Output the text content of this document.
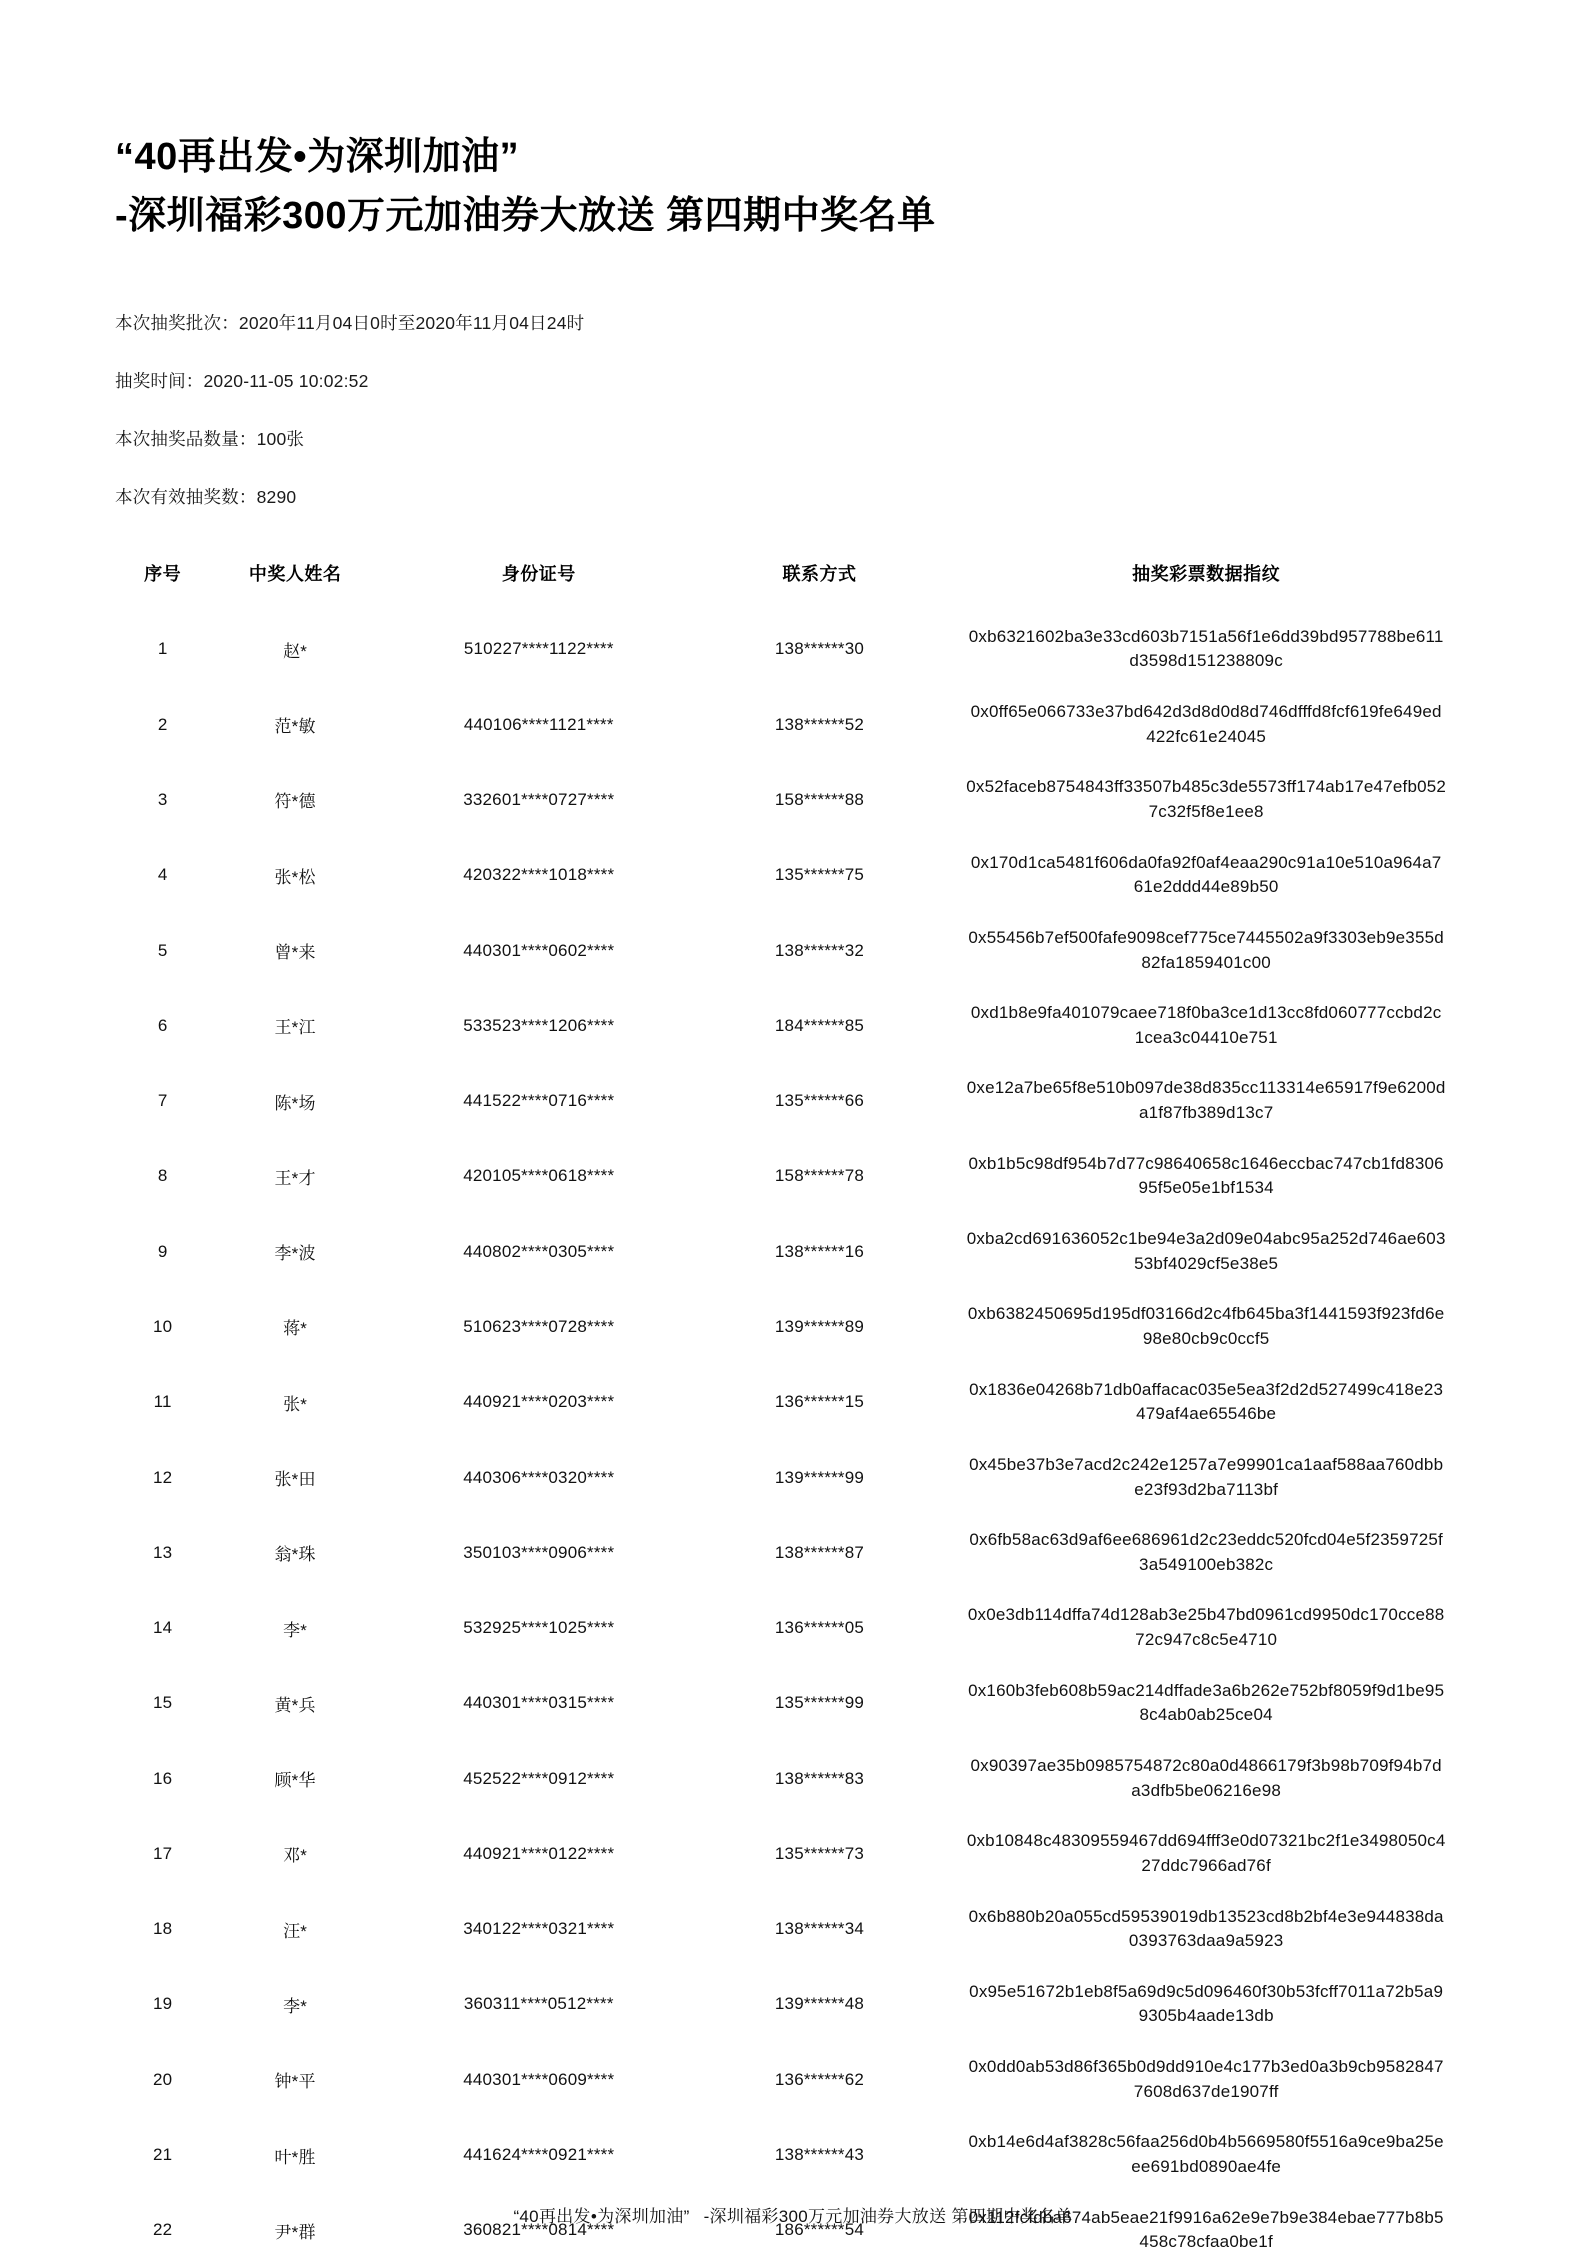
“40再出发•为深圳加油”
-深圳福彩300万元加油券大放送 第四期中奖名单
本次抽奖批次：2020年11月04日0时至2020年11月04日24时
抽奖时间：2020-11-05 10:02:52
本次抽奖品数量：100张
本次有效抽奖数：8290
序号	中奖人姓名	身份证号	联系方式	抽奖彩票数据指纹
1	赵*	510227****1122****	138******30	0xb6321602ba3e33cd603b7151a56f1e6dd39bd957788be611d3598d151238809c

2	范*敏	440106****1121****	138******52	0x0ff65e066733e37bd642d3d8d0d8d746dfffd8fcf619fe649ed422fc61e24045

3	符*德	332601****0727****	158******88	0x52faceb8754843ff33507b485c3de5573ff174ab17e47efb0527c32f5f8e1ee8

4	张*松	420322****1018****	135******75	0x170d1ca5481f606da0fa92f0af4eaa290c91a10e510a964a761e2ddd44e89b50

5	曾*来	440301****0602****	138******32	0x55456b7ef500fafe9098cef775ce7445502a9f3303eb9e355d82fa1859401c00

6	王*江	533523****1206****	184******85	0xd1b8e9fa401079caee718f0ba3ce1d13cc8fd060777ccbd2c1cea3c04410e751

7	陈*场	441522****0716****	135******66	0xe12a7be65f8e510b097de38d835cc113314e65917f9e6200da1f87fb389d13c7

8	王*才	420105****0618****	158******78	0xb1b5c98df954b7d77c98640658c1646eccbac747cb1fd830695f5e05e1bf1534

9	李*波	440802****0305****	138******16	0xba2cd691636052c1be94e3a2d09e04abc95a252d746ae60353bf4029cf5e38e5

10	蒋*	510623****0728****	139******89	0xb6382450695d195df03166d2c4fb645ba3f1441593f923fd6e98e80cb9c0ccf5

11	张*	440921****0203****	136******15	0x1836e04268b71db0affacac035e5ea3f2d2d527499c418e23479af4ae65546be

12	张*田	440306****0320****	139******99	0x45be37b3e7acd2c242e1257a7e99901ca1aaf588aa760dbbe23f93d2ba7113bf

13	翁*珠	350103****0906****	138******87	0x6fb58ac63d9af6ee686961d2c23eddc520fcd04e5f2359725f3a549100eb382c

14	李*	532925****1025****	136******05	0x0e3db114dffa74d128ab3e25b47bd0961cd9950dc170cce8872c947c8c5e4710

15	黄*兵	440301****0315****	135******99	0x160b3feb608b59ac214dffade3a6b262e752bf8059f9d1be958c4ab0ab25ce04

16	顾*华	452522****0912****	138******83	0x90397ae35b0985754872c80a0d4866179f3b98b709f94b7da3dfb5be06216e98

17	邓*	440921****0122****	135******73	0xb10848c48309559467dd694fff3e0d07321bc2f1e3498050c427ddc7966ad76f

18	汪*	340122****0321****	138******34	0x6b880b20a055cd59539019db13523cd8b2bf4e3e944838da0393763daa9a5923

19	李*	360311****0512****	139******48	0x95e51672b1eb8f5a69d9c5d096460f30b53fcff7011a72b5a99305b4aade13db

20	钟*平	440301****0609****	136******62	0x0dd0ab53d86f365b0d9dd910e4c177b3ed0a3b9cb95828477608d637de1907ff

21	叶*胜	441624****0921****	138******43	0xb14e6d4af3828c56faa256d0b4b5669580f5516a9ce9ba25eee691bd0890ae4fe

22	尹*群	360821****0814****	186******54	0x112fcfdba674ab5eae21f9916a62e9e7b9e384ebae777b8b5458c78cfaa0be1f
“40再出发•为深圳加油” -深圳福彩300万元加油券大放送 第四期中奖名单
